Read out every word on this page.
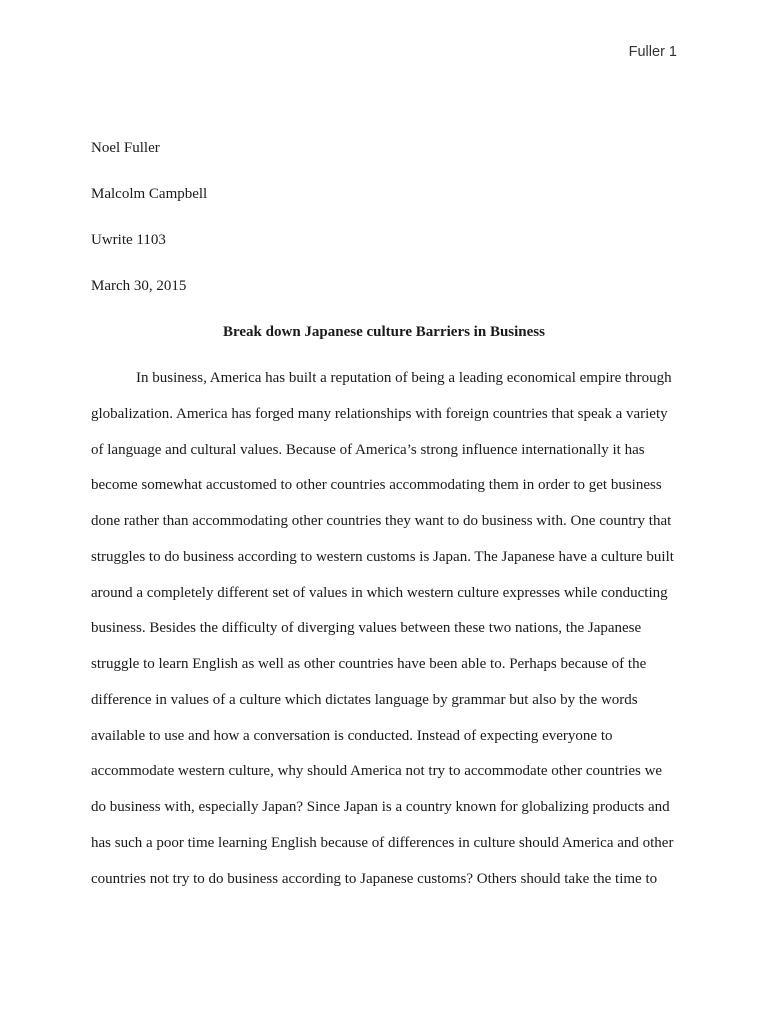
Fuller 1
Noel Fuller
Malcolm Campbell
Uwrite 1103
March 30, 2015
Break down Japanese culture Barriers in Business
In business, America has built a reputation of being a leading economical empire through
globalization. America has forged many relationships with foreign countries that speak a variety
of language and cultural values. Because of America’s strong influence internationally it has
become somewhat accustomed to other countries accommodating them in order to get business
done rather than accommodating other countries they want to do business with. One country that
struggles to do business according to western customs is Japan. The Japanese have a culture built
around a completely different set of values in which western culture expresses while conducting
business. Besides the difficulty of diverging values between these two nations, the Japanese
struggle to learn English as well as other countries have been able to. Perhaps because of the
difference in values of a culture which dictates language by grammar but also by the words
available to use and how a conversation is conducted. Instead of expecting everyone to
accommodate western culture, why should America not try to accommodate other countries we
do business with, especially Japan? Since Japan is a country known for globalizing products and
has such a poor time learning English because of differences in culture should America and other
countries not try to do business according to Japanese customs? Others should take the time to
